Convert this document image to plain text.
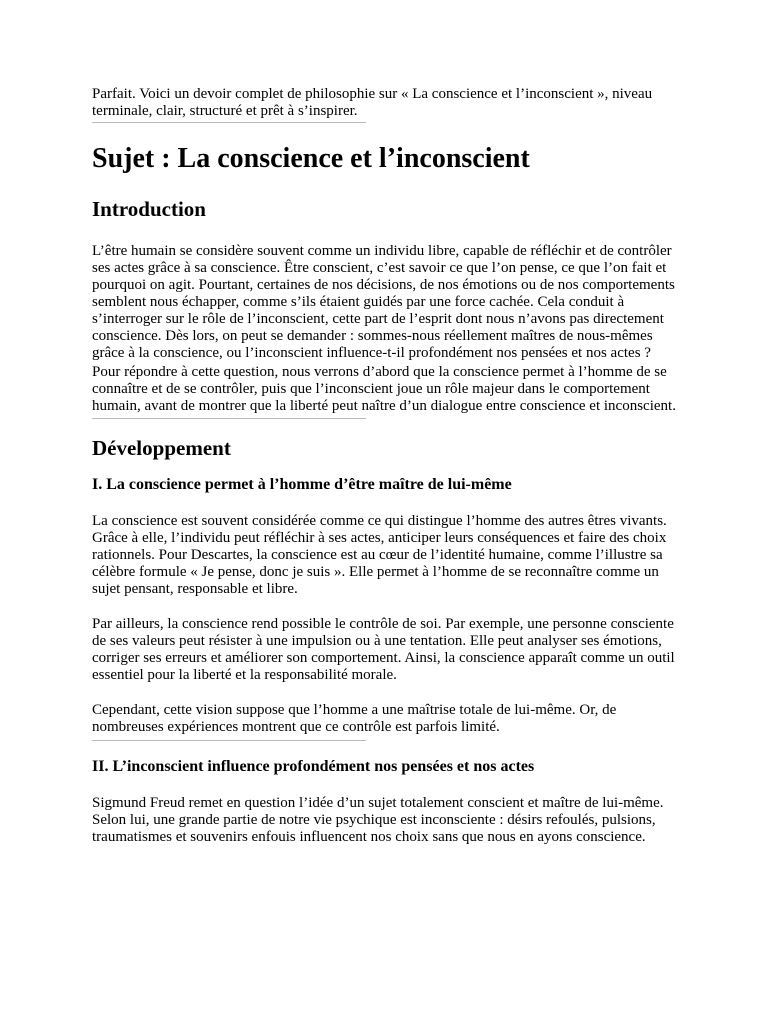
Parfait. Voici un devoir complet de philosophie sur « La conscience et l’inconscient », niveau terminale, clair, structuré et prêt à s’inspirer.

Sujet : La conscience et l’inconscient
Introduction

L’être humain se considère souvent comme un individu libre, capable de réfléchir et de contrôler ses actes grâce à sa conscience. Être conscient, c’est savoir ce que l’on pense, ce que l’on fait et pourquoi on agit. Pourtant, certaines de nos décisions, de nos émotions ou de nos comportements semblent nous échapper, comme s’ils étaient guidés par une force cachée. Cela conduit à s’interroger sur le rôle de l’inconscient, cette part de l’esprit dont nous n’avons pas directement conscience. Dès lors, on peut se demander : sommes-nous réellement maîtres de nous-mêmes grâce à la conscience, ou l’inconscient influence-t-il profondément nos pensées et nos actes ?

Pour répondre à cette question, nous verrons d’abord que la conscience permet à l’homme de se connaître et de se contrôler, puis que l’inconscient joue un rôle majeur dans le comportement humain, avant de montrer que la liberté peut naître d’un dialogue entre conscience et inconscient.

Développement
I. La conscience permet à l’homme d’être maître de lui-même

La conscience est souvent considérée comme ce qui distingue l’homme des autres êtres vivants. Grâce à elle, l’individu peut réfléchir à ses actes, anticiper leurs conséquences et faire des choix rationnels. Pour Descartes, la conscience est au cœur de l’identité humaine, comme l’illustre sa célèbre formule « Je pense, donc je suis ». Elle permet à l’homme de se reconnaître comme un sujet pensant, responsable et libre.

Par ailleurs, la conscience rend possible le contrôle de soi. Par exemple, une personne consciente de ses valeurs peut résister à une impulsion ou à une tentation. Elle peut analyser ses émotions, corriger ses erreurs et améliorer son comportement. Ainsi, la conscience apparaît comme un outil essentiel pour la liberté et la responsabilité morale.

Cependant, cette vision suppose que l’homme a une maîtrise totale de lui-même. Or, de nombreuses expériences montrent que ce contrôle est parfois limité.

II. L’inconscient influence profondément nos pensées et nos actes

Sigmund Freud remet en question l’idée d’un sujet totalement conscient et maître de lui-même. Selon lui, une grande partie de notre vie psychique est inconsciente : désirs refoulés, pulsions, traumatismes et souvenirs enfouis influencent nos choix sans que nous en ayons conscience.
